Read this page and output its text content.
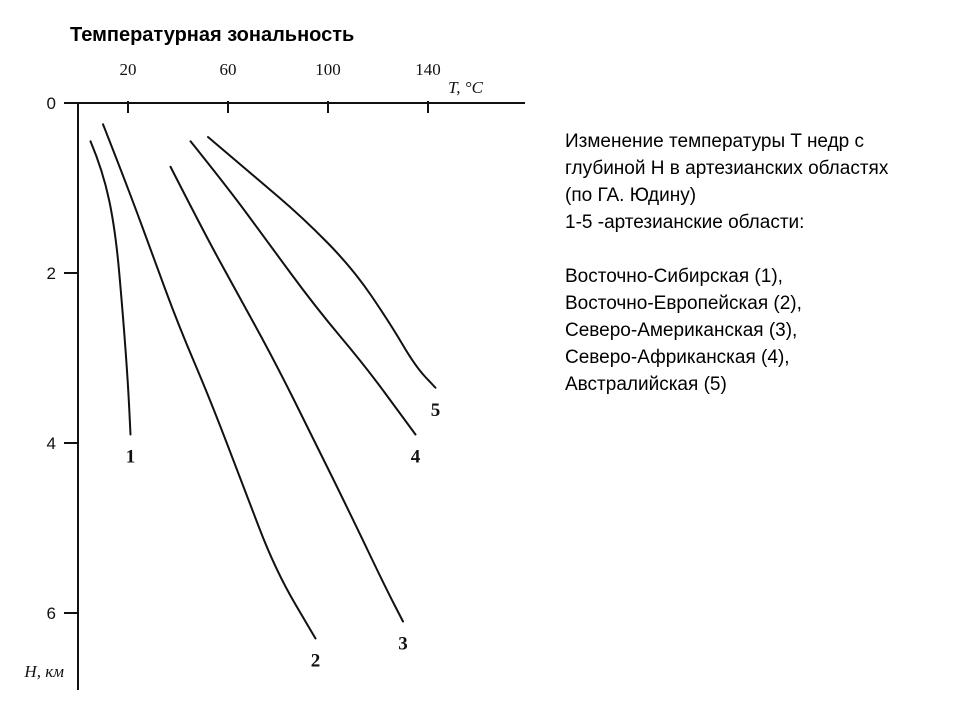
Температурная зональность
20	60	100	140
T, °C
0
2
4
6
H, км
1
2
3
4
5

Изменение температуры T недр с глубиной H в артезианских областях (по ГА. Юдину)

1-5 -артезианские области:

Восточно-Сибирская (1),
Восточно-Европейская (2),
Северо-Американская (3),
Северо-Африканская (4),
Австралийская (5)
